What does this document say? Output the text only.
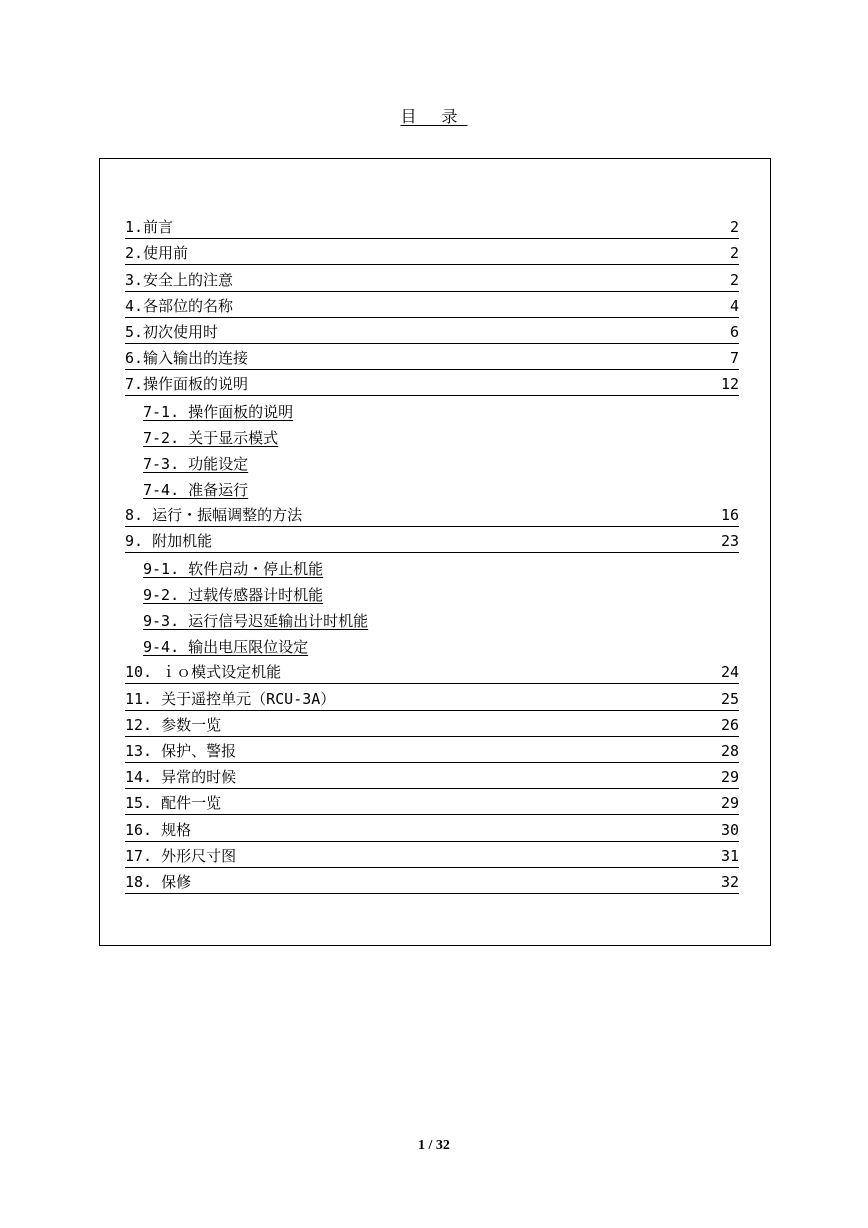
目 录
1.前言	2
2.使用前	2
3.安全上的注意	2
4.各部位的名称	4
5.初次使用时	6
6.输入输出的连接	7
7.操作面板的说明	12
7-1. 操作面板的说明
7-2. 关于显示模式
7-3. 功能设定
7-4. 准备运行
8. 运行・振幅调整的方法	16
9. 附加机能	23
9-1. 软件启动・停止机能
9-2. 过载传感器计时机能
9-3. 运行信号迟延输出计时机能
9-4. 输出电压限位设定
10. ｉｏ模式设定机能	24
11. 关于遥控单元（RCU-3A）	25
12. 参数一览	26
13. 保护、警报	28
14. 异常的时候	29
15. 配件一览	29
16. 规格	30
17. 外形尺寸图	31
18. 保修	32
1 / 32
